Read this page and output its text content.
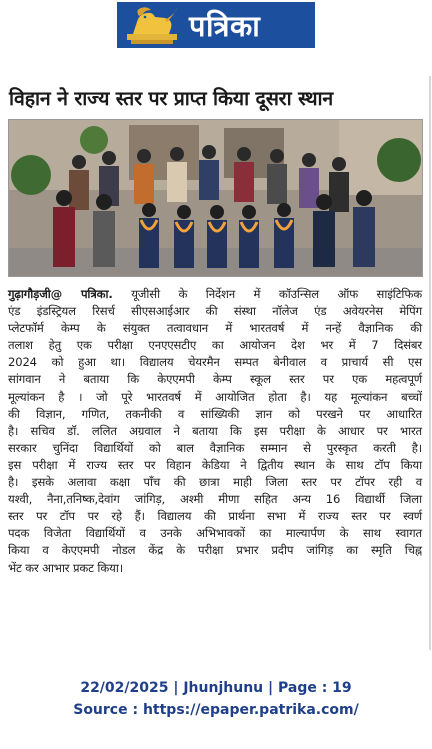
पत्रिका
विहान ने राज्य स्तर पर प्राप्त किया दूसरा स्थान
गुढ़ागौड़जी@ पत्रिका. यूजीसी के निर्देशन में कॉउन्सिल ऑफ साइंटिफिक
एंड इंडस्ट्रियल रिसर्च सीएसआईआर की संस्था नॉलेज एंड अवेयरनेस मेपिंग
प्लेटफॉर्म केम्प के संयुक्त तत्वावधान में भारतवर्ष में नन्हें वैज्ञानिक की
तलाश हेतु एक परीक्षा एनएएसटीए का आयोजन देश भर में 7 दिसंबर
2024 को हुआ था। विद्यालय चेयरमैन सम्पत बेनीवाल व प्राचार्य सी एस
सांगवान ने बताया कि केएएमपी केम्प स्कूल स्तर पर एक महत्वपूर्ण
मूल्यांकन है । जो पूरे भारतवर्ष में आयोजित होता है। यह मूल्यांकन बच्चों
की विज्ञान, गणित, तकनीकी व सांख्यिकी ज्ञान को परखने पर आधारित
है। सचिव डॉ. ललित अग्रवाल ने बताया कि इस परीक्षा के आधार पर भारत
सरकार चुनिंदा विद्यार्थियों को बाल वैज्ञानिक सम्मान से पुरस्कृत करती है।
इस परीक्षा में राज्य स्तर पर विहान केडिया ने द्वितीय स्थान के साथ टॉप किया
है। इसके अलावा कक्षा पाँच की छात्रा माही जिला स्तर पर टॉपर रही व
यश्वी, नैना,तनिष्क,देवांग जांगिड़, अश्मी मीणा सहित अन्य 16 विद्यार्थी जिला
स्तर पर टॉप पर रहे हैं। विद्यालय की प्रार्थना सभा में राज्य स्तर पर स्वर्ण
पदक विजेता विद्यार्थियों व उनके अभिभावकों का माल्यार्पण के साथ स्वागत
किया व केएएमपी नोडल केंद्र के परीक्षा प्रभार प्रदीप जांगिड़ का स्मृति चिह्न
भेंट कर आभार प्रकट किया।
22/02/2025 | Jhunjhunu | Page : 19
Source : https://epaper.patrika.com/
